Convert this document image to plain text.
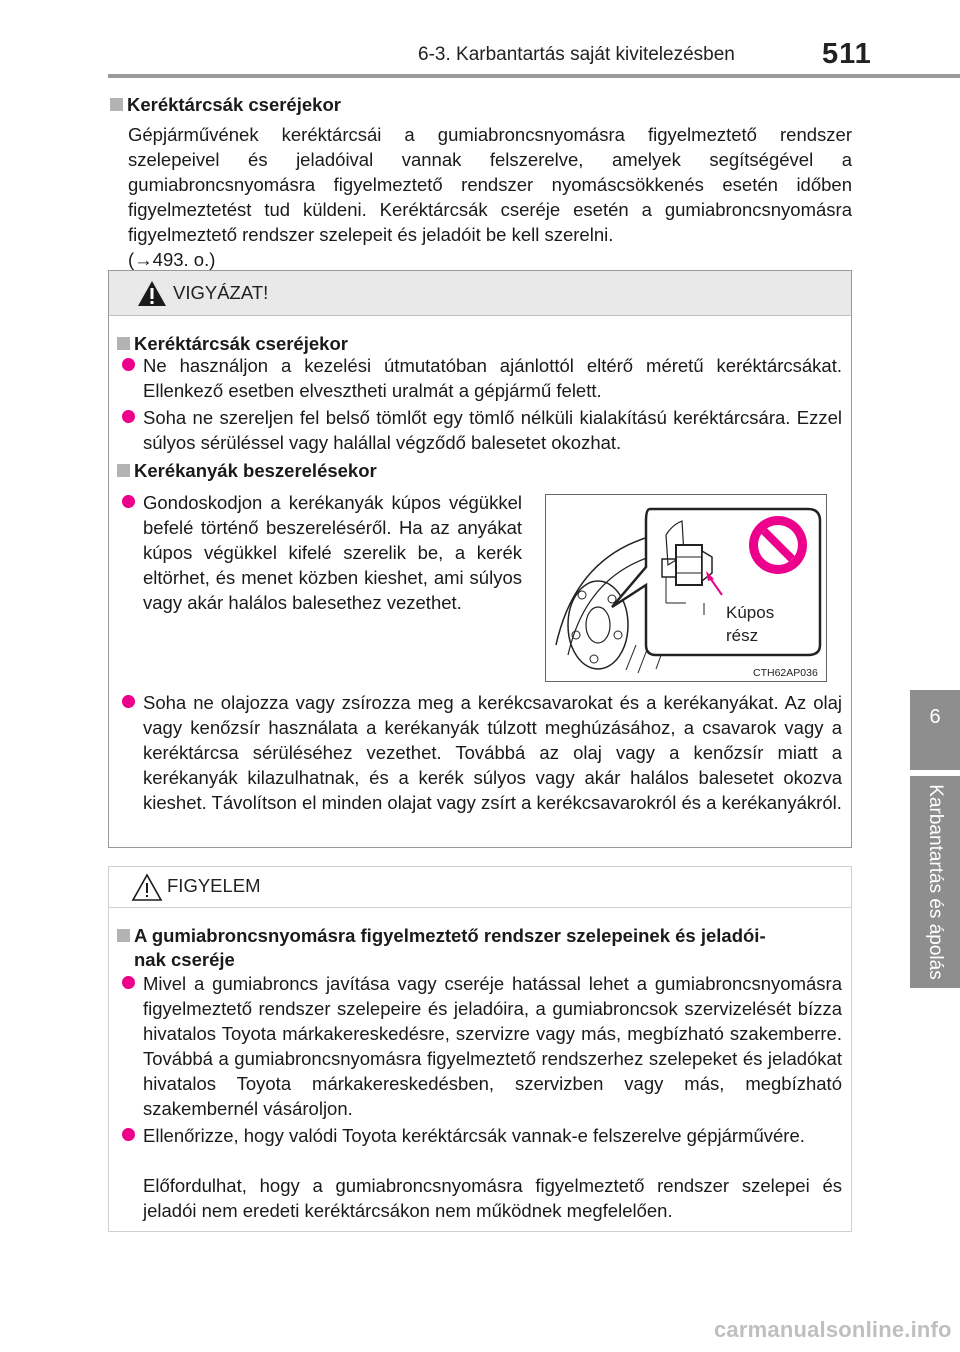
6-3. Karbantartás saját kivitelezésben	511
6
Karbantartás és ápolás
Keréktárcsák cseréjekor
Gépjárművének keréktárcsái a gumiabroncsnyomásra figyelmeztető rendszer szelepeivel és jeladóival vannak felszerelve, amelyek segítségével a gumiabroncsnyomásra figyelmeztető rendszer nyomáscsökkenés esetén időben figyelmeztetést tud küldeni. Keréktárcsák cseréje esetén a gumiabroncsnyomásra figyelmeztető rendszer szelepeit és jeladóit be kell szerelni.
(→493. o.)
VIGYÁZAT!
Keréktárcsák cseréjekor
Ne használjon a kezelési útmutatóban ajánlottól eltérő méretű keréktárcsákat. Ellenkező esetben elvesztheti uralmát a gépjármű felett.
Soha ne szereljen fel belső tömlőt egy tömlő nélküli kialakítású keréktárcsára. Ezzel súlyos sérüléssel vagy halállal végződő balesetet okozhat.
Kerékanyák beszerelésekor
Gondoskodjon a kerékanyák kúpos végükkel befelé történő beszereléséről. Ha az anyákat kúpos végükkel kifelé szerelik be, a kerék eltörhet, és menet közben kieshet, ami súlyos vagy akár halálos balesethez vezethet.
Soha ne olajozza vagy zsírozza meg a kerékcsavarokat és a kerékanyákat. Az olaj vagy kenőzsír használata a kerékanyák túlzott meghúzásához, a csavarok vagy a keréktárcsa sérüléséhez vezethet. Továbbá az olaj vagy a kenőzsír miatt a kerékanyák kilazulhatnak, és a kerék súlyos vagy akár halálos balesetet okozva kieshet. Távolítson el minden olajat vagy zsírt a kerékcsavarokról és a kerékanyákról.
Kúpos
rész
CTH62AP036
FIGYELEM
A gumiabroncsnyomásra figyelmeztető rendszer szelepeinek és jeladói-
nak cseréje
Mivel a gumiabroncs javítása vagy cseréje hatással lehet a gumiabroncsnyomásra figyelmeztető rendszer szelepeire és jeladóira, a gumiabroncsok szervizelését bízza hivatalos Toyota márkakereskedésre, szervizre vagy más, megbízható szakemberre. Továbbá a gumiabroncsnyomásra figyelmeztető rendszerhez szelepeket és jeladókat hivatalos Toyota márkakereskedésben, szervizben vagy más, megbízható szakembernél vásároljon.
Ellenőrizze, hogy valódi Toyota keréktárcsák vannak-e felszerelve gépjárművére.
Előfordulhat, hogy a gumiabroncsnyomásra figyelmeztető rendszer szelepei és jeladói nem eredeti keréktárcsákon nem működnek megfelelően.
carmanualsonline.info
